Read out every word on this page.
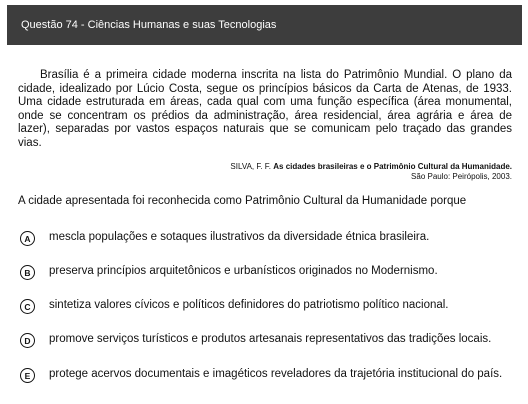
Questão 74 - Ciências Humanas e suas Tecnologias

Brasília é a primeira cidade moderna inscrita na lista do Patrimônio Mundial. O plano da cidade, idealizado por Lúcio Costa, segue os princípios básicos da Carta de Atenas, de 1933. Uma cidade estruturada em áreas, cada qual com uma função específica (área monumental, onde se concentram os prédios da administração, área residencial, área agrária e área de lazer), separadas por vastos espaços naturais que se comunicam pelo traçado das grandes vias.

SILVA, F. F. As cidades brasileiras e o Patrimônio Cultural da Humanidade.
São Paulo: Peirópolis, 2003.

A cidade apresentada foi reconhecida como Patrimônio Cultural da Humanidade porque

A	mescla populações e sotaques ilustrativos da diversidade étnica brasileira.
B	preserva princípios arquitetônicos e urbanísticos originados no Modernismo.
C	sintetiza valores cívicos e políticos definidores do patriotismo político nacional.
D	promove serviços turísticos e produtos artesanais representativos das tradições locais.
E	protege acervos documentais e imagéticos reveladores da trajetória institucional do país.
